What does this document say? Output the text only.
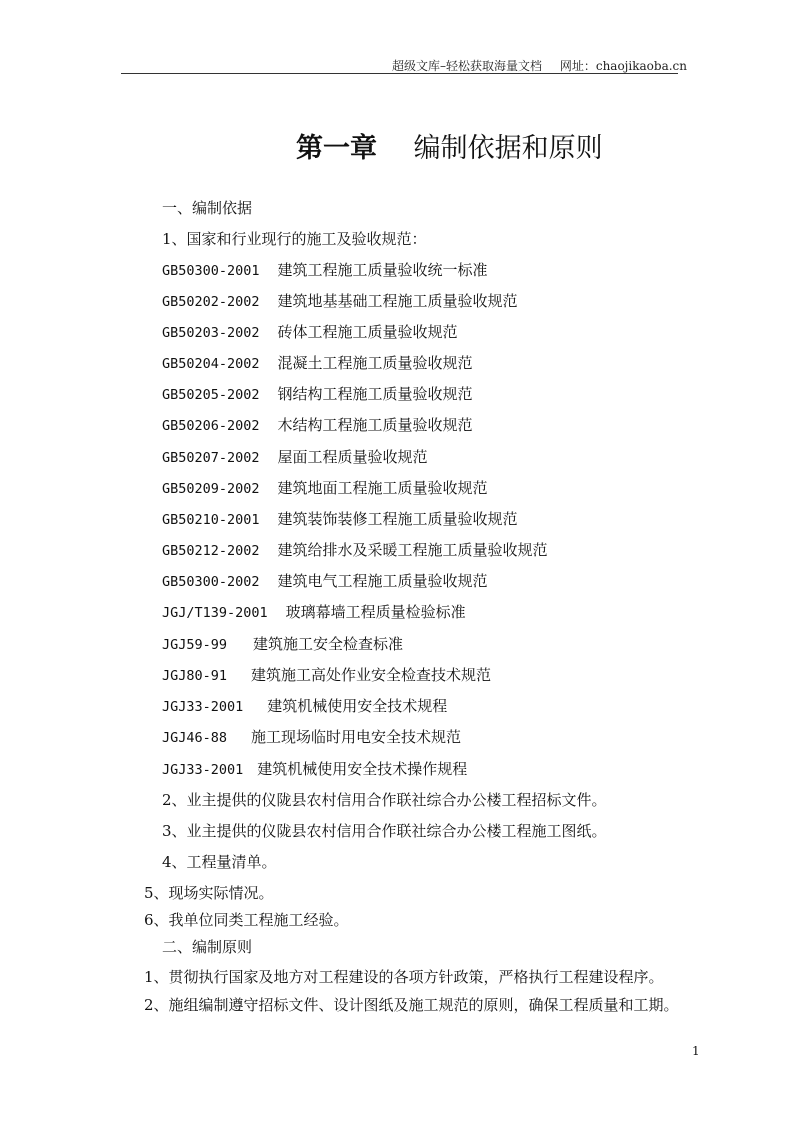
超级文库–轻松获取海量文档 网址：chaojikaoba.cn
第一章 编制依据和原则
一、编制依据
1、国家和行业现行的施工及验收规范：
GB50300-2001 建筑工程施工质量验收统一标准
GB50202-2002 建筑地基基础工程施工质量验收规范
GB50203-2002 砖体工程施工质量验收规范
GB50204-2002 混凝土工程施工质量验收规范
GB50205-2002 钢结构工程施工质量验收规范
GB50206-2002 木结构工程施工质量验收规范
GB50207-2002 屋面工程质量验收规范
GB50209-2002 建筑地面工程施工质量验收规范
GB50210-2001 建筑装饰装修工程施工质量验收规范
GB50212-2002 建筑给排水及采暖工程施工质量验收规范
GB50300-2002 建筑电气工程施工质量验收规范
JGJ/T139-2001 玻璃幕墙工程质量检验标准
JGJ59-99 建筑施工安全检查标准
JGJ80-91 建筑施工高处作业安全检查技术规范
JGJ33-2001 建筑机械使用安全技术规程
JGJ46-88 施工现场临时用电安全技术规范
JGJ33-2001 建筑机械使用安全技术操作规程
2、业主提供的仪陇县农村信用合作联社综合办公楼工程招标文件。
3、业主提供的仪陇县农村信用合作联社综合办公楼工程施工图纸。
4、工程量清单。
5、现场实际情况。
6、我单位同类工程施工经验。
二、编制原则
1、贯彻执行国家及地方对工程建设的各项方针政策，严格执行工程建设程序。
2、施组编制遵守招标文件、设计图纸及施工规范的原则，确保工程质量和工期。
1
